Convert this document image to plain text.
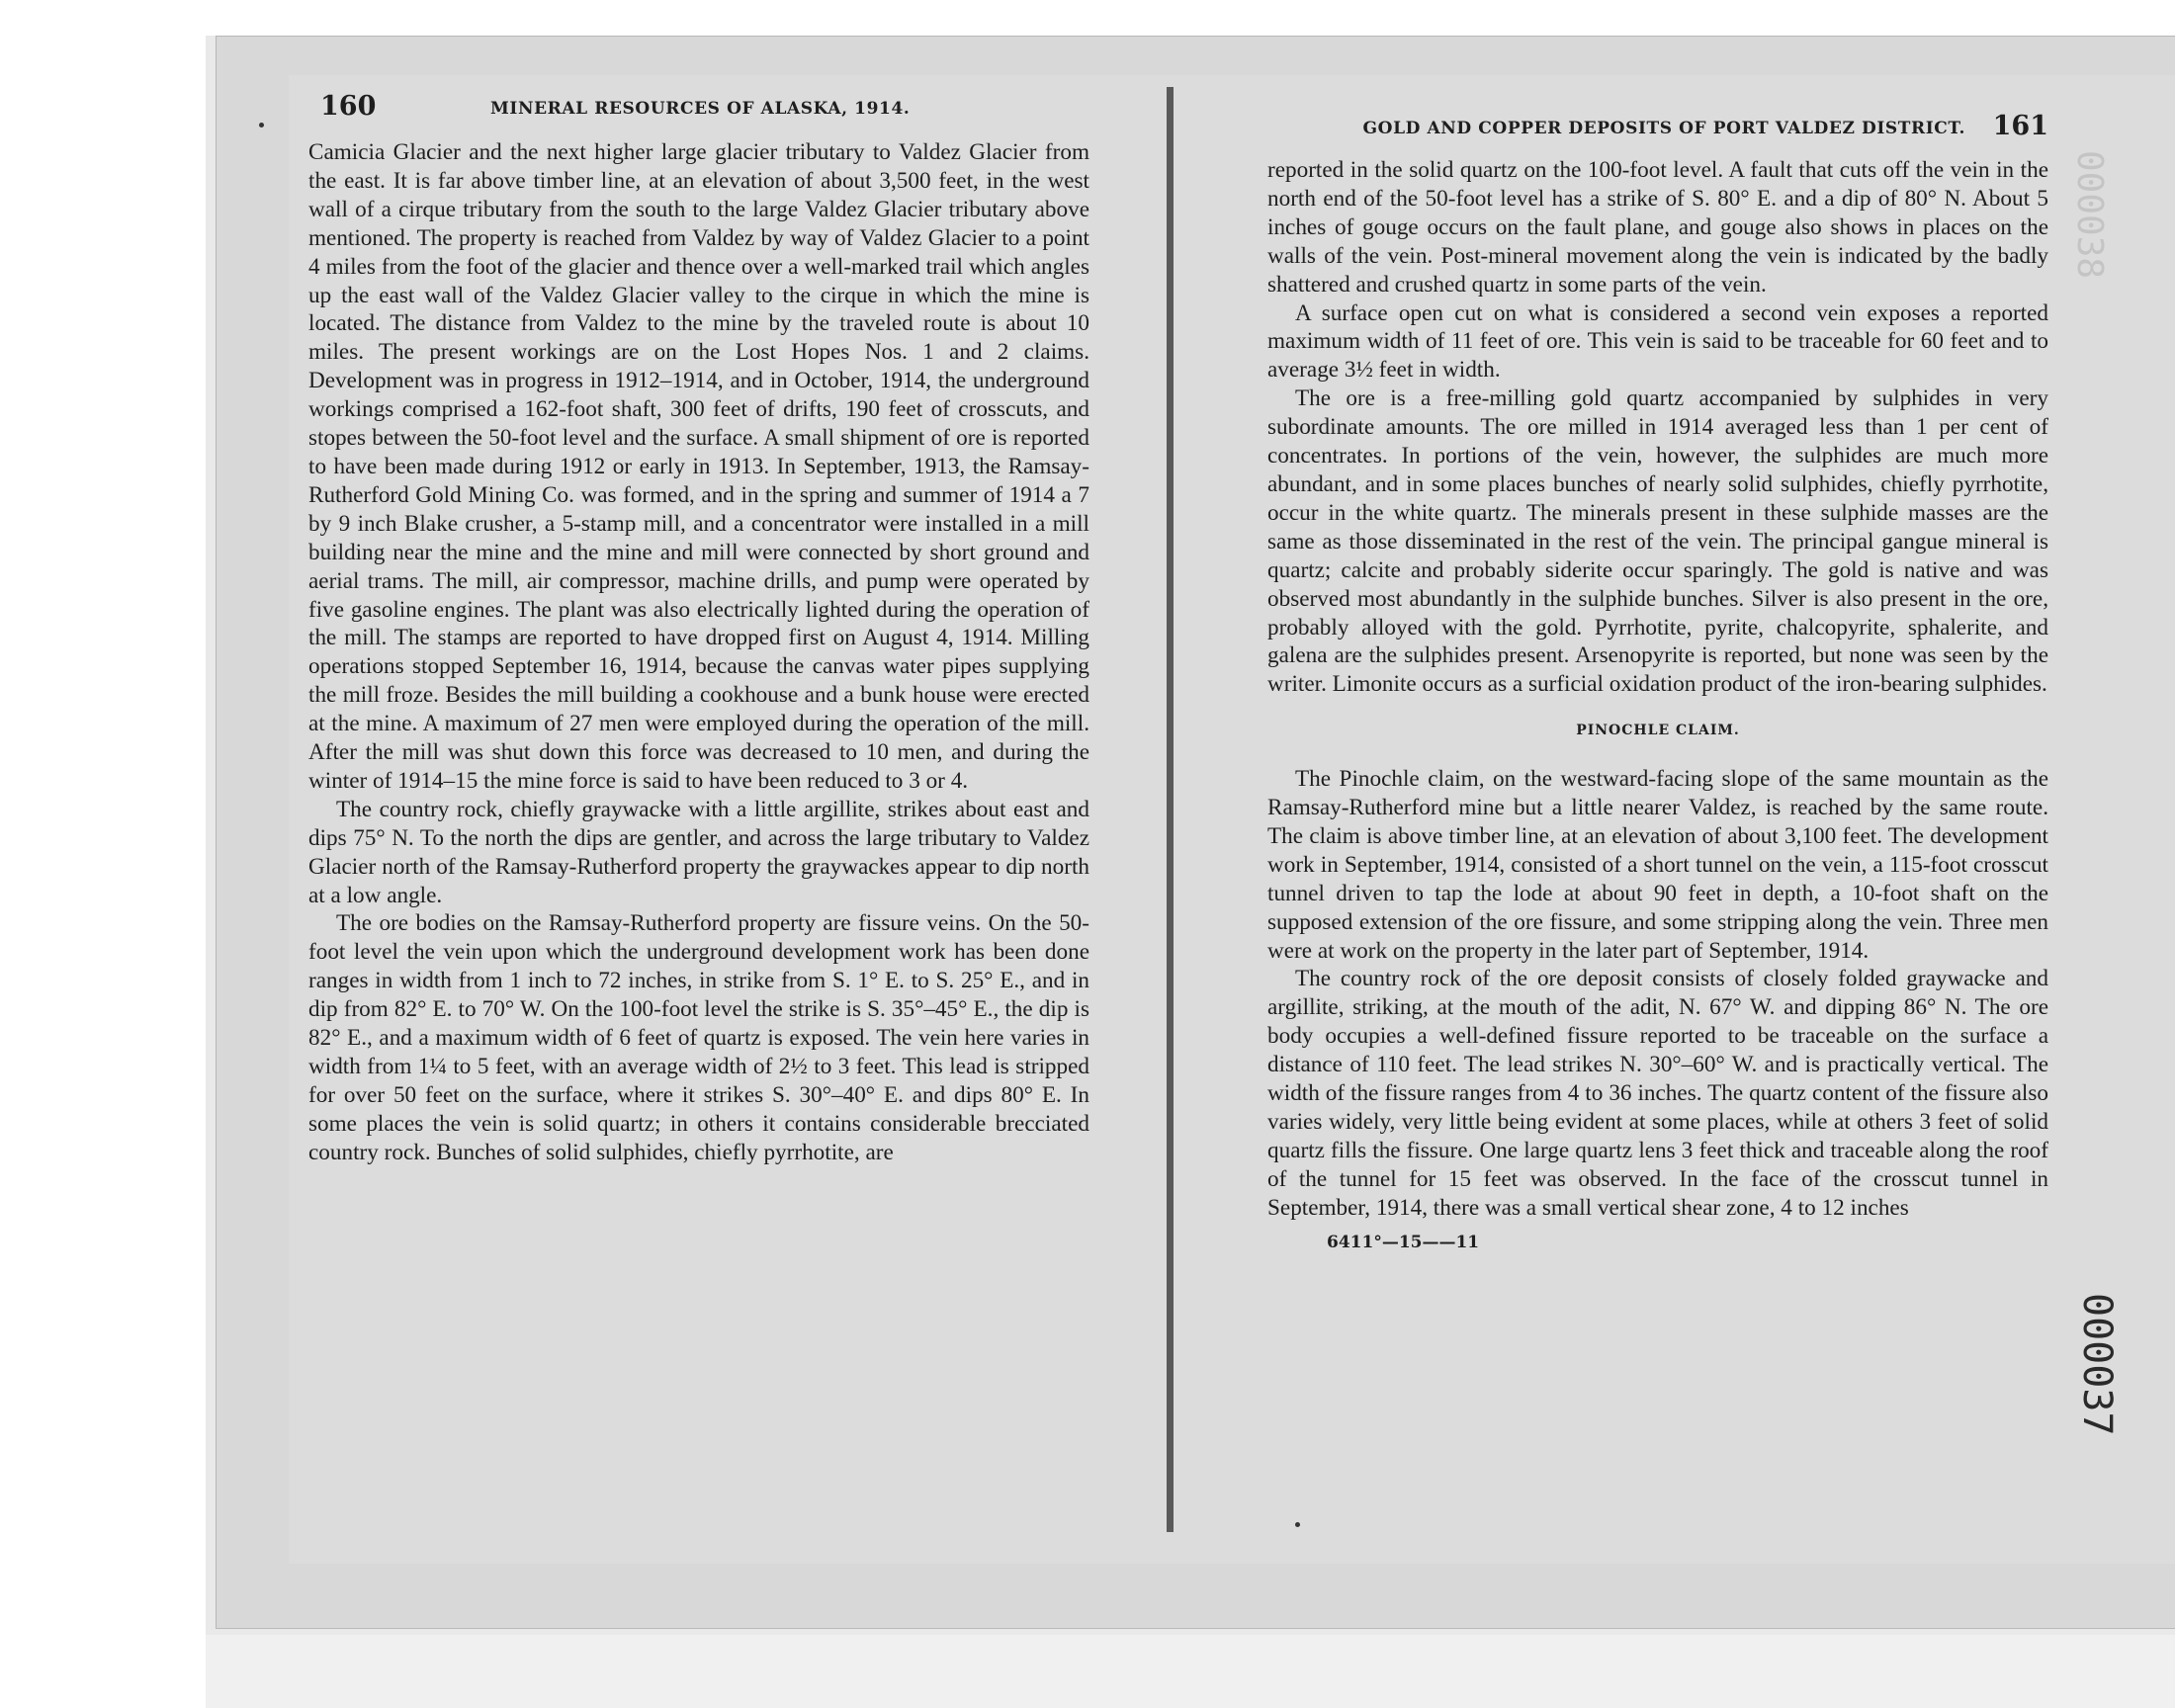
160	MINERAL RESOURCES OF ALASKA, 1914.

Camicia Glacier and the next higher large glacier tributary to Valdez Glacier from the east. It is far above timber line, at an elevation of about 3,500 feet, in the west wall of a cirque tributary from the south to the large Valdez Glacier tributary above mentioned. The property is reached from Valdez by way of Valdez Glacier to a point 4 miles from the foot of the glacier and thence over a well-marked trail which angles up the east wall of the Valdez Glacier valley to the cirque in which the mine is located. The distance from Valdez to the mine by the traveled route is about 10 miles. The present workings are on the Lost Hopes Nos. 1 and 2 claims. Development was in progress in 1912–1914, and in October, 1914, the underground workings comprised a 162-foot shaft, 300 feet of drifts, 190 feet of crosscuts, and stopes between the 50-foot level and the surface. A small shipment of ore is reported to have been made during 1912 or early in 1913. In September, 1913, the Ramsay-Rutherford Gold Mining Co. was formed, and in the spring and summer of 1914 a 7 by 9 inch Blake crusher, a 5-stamp mill, and a concentrator were installed in a mill building near the mine and the mine and mill were connected by short ground and aerial trams. The mill, air compressor, machine drills, and pump were operated by five gasoline engines. The plant was also electrically lighted during the operation of the mill. The stamps are reported to have dropped first on August 4, 1914. Milling operations stopped September 16, 1914, because the canvas water pipes supplying the mill froze. Besides the mill building a cookhouse and a bunk house were erected at the mine. A maximum of 27 men were employed during the operation of the mill. After the mill was shut down this force was decreased to 10 men, and during the winter of 1914–15 the mine force is said to have been reduced to 3 or 4.

The country rock, chiefly graywacke with a little argillite, strikes about east and dips 75° N. To the north the dips are gentler, and across the large tributary to Valdez Glacier north of the Ramsay-Rutherford property the graywackes appear to dip north at a low angle.

The ore bodies on the Ramsay-Rutherford property are fissure veins. On the 50-foot level the vein upon which the underground development work has been done ranges in width from 1 inch to 72 inches, in strike from S. 1° E. to S. 25° E., and in dip from 82° E. to 70° W. On the 100-foot level the strike is S. 35°–45° E., the dip is 82° E., and a maximum width of 6 feet of quartz is exposed. The vein here varies in width from 1¼ to 5 feet, with an average width of 2½ to 3 feet. This lead is stripped for over 50 feet on the surface, where it strikes S. 30°–40° E. and dips 80° E. In some places the vein is solid quartz; in others it contains considerable brecciated country rock. Bunches of solid sulphides, chiefly pyrrhotite, are

GOLD AND COPPER DEPOSITS OF PORT VALDEZ DISTRICT. 161

reported in the solid quartz on the 100-foot level. A fault that cuts off the vein in the north end of the 50-foot level has a strike of S. 80° E. and a dip of 80° N. About 5 inches of gouge occurs on the fault plane, and gouge also shows in places on the walls of the vein. Post-mineral movement along the vein is indicated by the badly shattered and crushed quartz in some parts of the vein.

A surface open cut on what is considered a second vein exposes a reported maximum width of 11 feet of ore. This vein is said to be traceable for 60 feet and to average 3½ feet in width.

The ore is a free-milling gold quartz accompanied by sulphides in very subordinate amounts. The ore milled in 1914 averaged less than 1 per cent of concentrates. In portions of the vein, however, the sulphides are much more abundant, and in some places bunches of nearly solid sulphides, chiefly pyrrhotite, occur in the white quartz. The minerals present in these sulphide masses are the same as those disseminated in the rest of the vein. The principal gangue mineral is quartz; calcite and probably siderite occur sparingly. The gold is native and was observed most abundantly in the sulphide bunches. Silver is also present in the ore, probably alloyed with the gold. Pyrrhotite, pyrite, chalcopyrite, sphalerite, and galena are the sulphides present. Arsenopyrite is reported, but none was seen by the writer. Limonite occurs as a surficial oxidation product of the iron-bearing sulphides.

PINOCHLE CLAIM.

The Pinochle claim, on the westward-facing slope of the same mountain as the Ramsay-Rutherford mine but a little nearer Valdez, is reached by the same route. The claim is above timber line, at an elevation of about 3,100 feet. The development work in September, 1914, consisted of a short tunnel on the vein, a 115-foot crosscut tunnel driven to tap the lode at about 90 feet in depth, a 10-foot shaft on the supposed extension of the ore fissure, and some stripping along the vein. Three men were at work on the property in the later part of September, 1914.

The country rock of the ore deposit consists of closely folded graywacke and argillite, striking, at the mouth of the adit, N. 67° W. and dipping 86° N. The ore body occupies a well-defined fissure reported to be traceable on the surface a distance of 110 feet. The lead strikes N. 30°–60° W. and is practically vertical. The width of the fissure ranges from 4 to 36 inches. The quartz content of the fissure also varies widely, very little being evident at some places, while at others 3 feet of solid quartz fills the fissure. One large quartz lens 3 feet thick and traceable along the roof of the tunnel for 15 feet was observed. In the face of the crosscut tunnel in September, 1914, there was a small vertical shear zone, 4 to 12 inches

6411°—15——11
000038
000037
